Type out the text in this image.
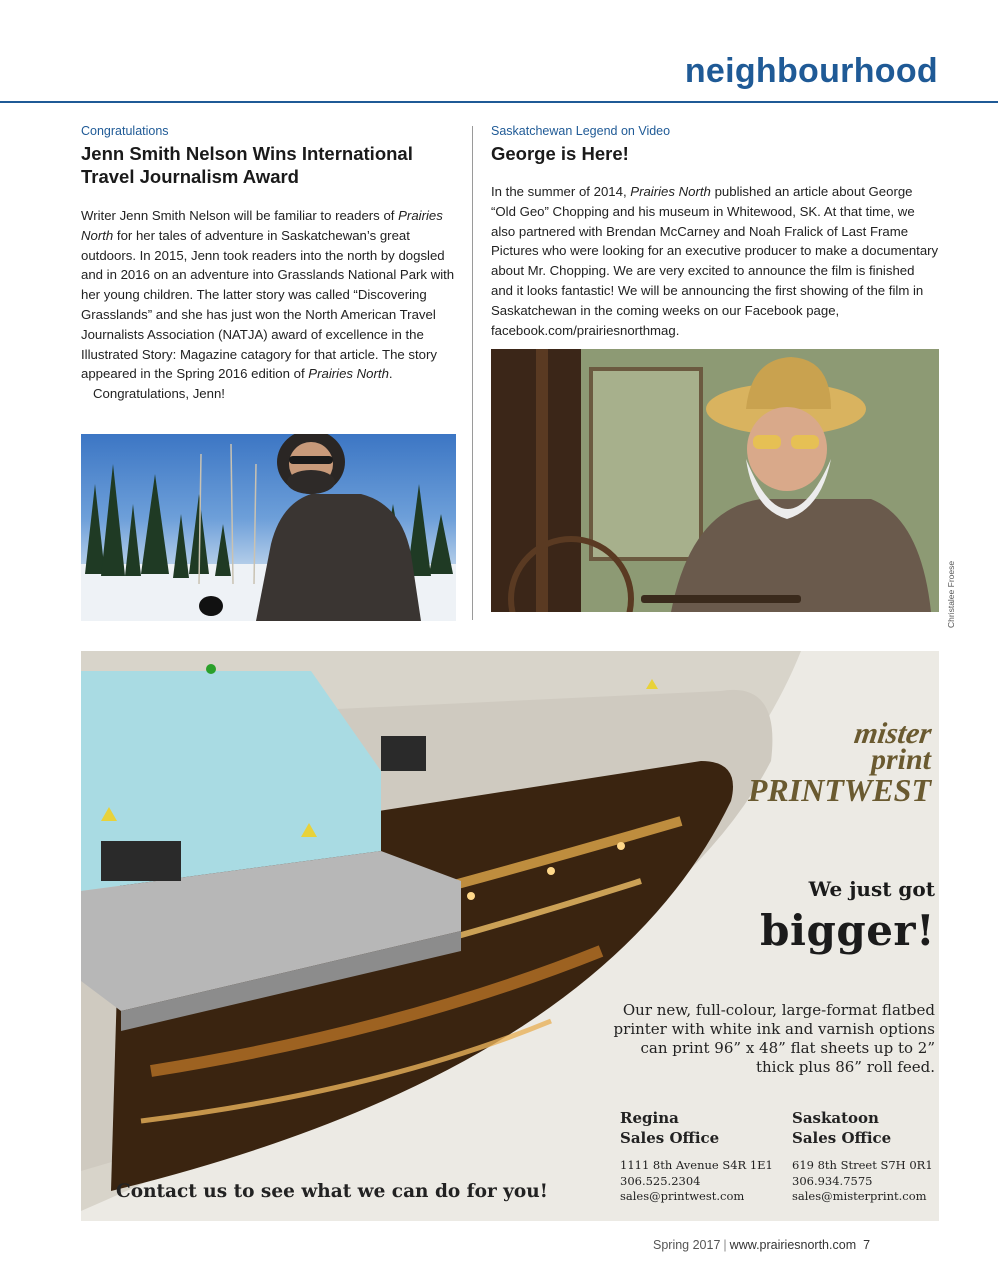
neighbourhood
Congratulations
Jenn Smith Nelson Wins International
Travel Journalism Award

Writer Jenn Smith Nelson will be familiar to readers of Prairies North for her tales of adventure in Saskatchewan’s great outdoors. In 2015, Jenn took readers into the north by dogsled and in 2016 on an adventure into Grasslands National Park with her young children. The latter story was called “Discovering Grasslands” and she has just won the North American Travel Journalists Association (NATJA) award of excellence in the Illustrated Story: Magazine catagory for that article. The story appeared in the Spring 2016 edition of Prairies North.

Congratulations, Jenn!

Saskatchewan Legend on Video
George is Here!

In the summer of 2014, Prairies North published an article about George “Old Geo” Chopping and his museum in Whitewood, SK. At that time, we also partnered with Brendan McCarney and Noah Fralick of Last Frame Pictures who were looking for an executive producer to make a documentary about Mr. Chopping. We are very excited to announce the film is finished and it looks fantastic! We will be announcing the first showing of the film in Saskatchewan in the coming weeks on our Facebook page, facebook.com/prairiesnorthmag.

Christalee Froese
mister
print
PRINTWEST
We just got
bigger!
Our new, full-colour, large-format flatbed printer with white ink and varnish options can print 96” x 48” flat sheets up to 2” thick plus 86” roll feed.
Regina
Sales Office
1111 8th Avenue S4R 1E1
306.525.2304
sales@printwest.com
Saskatoon
Sales Office
619 8th Street S7H 0R1
306.934.7575
sales@misterprint.com
Contact us to see what we can do for you!
Spring 2017 | www.prairiesnorth.com 7
